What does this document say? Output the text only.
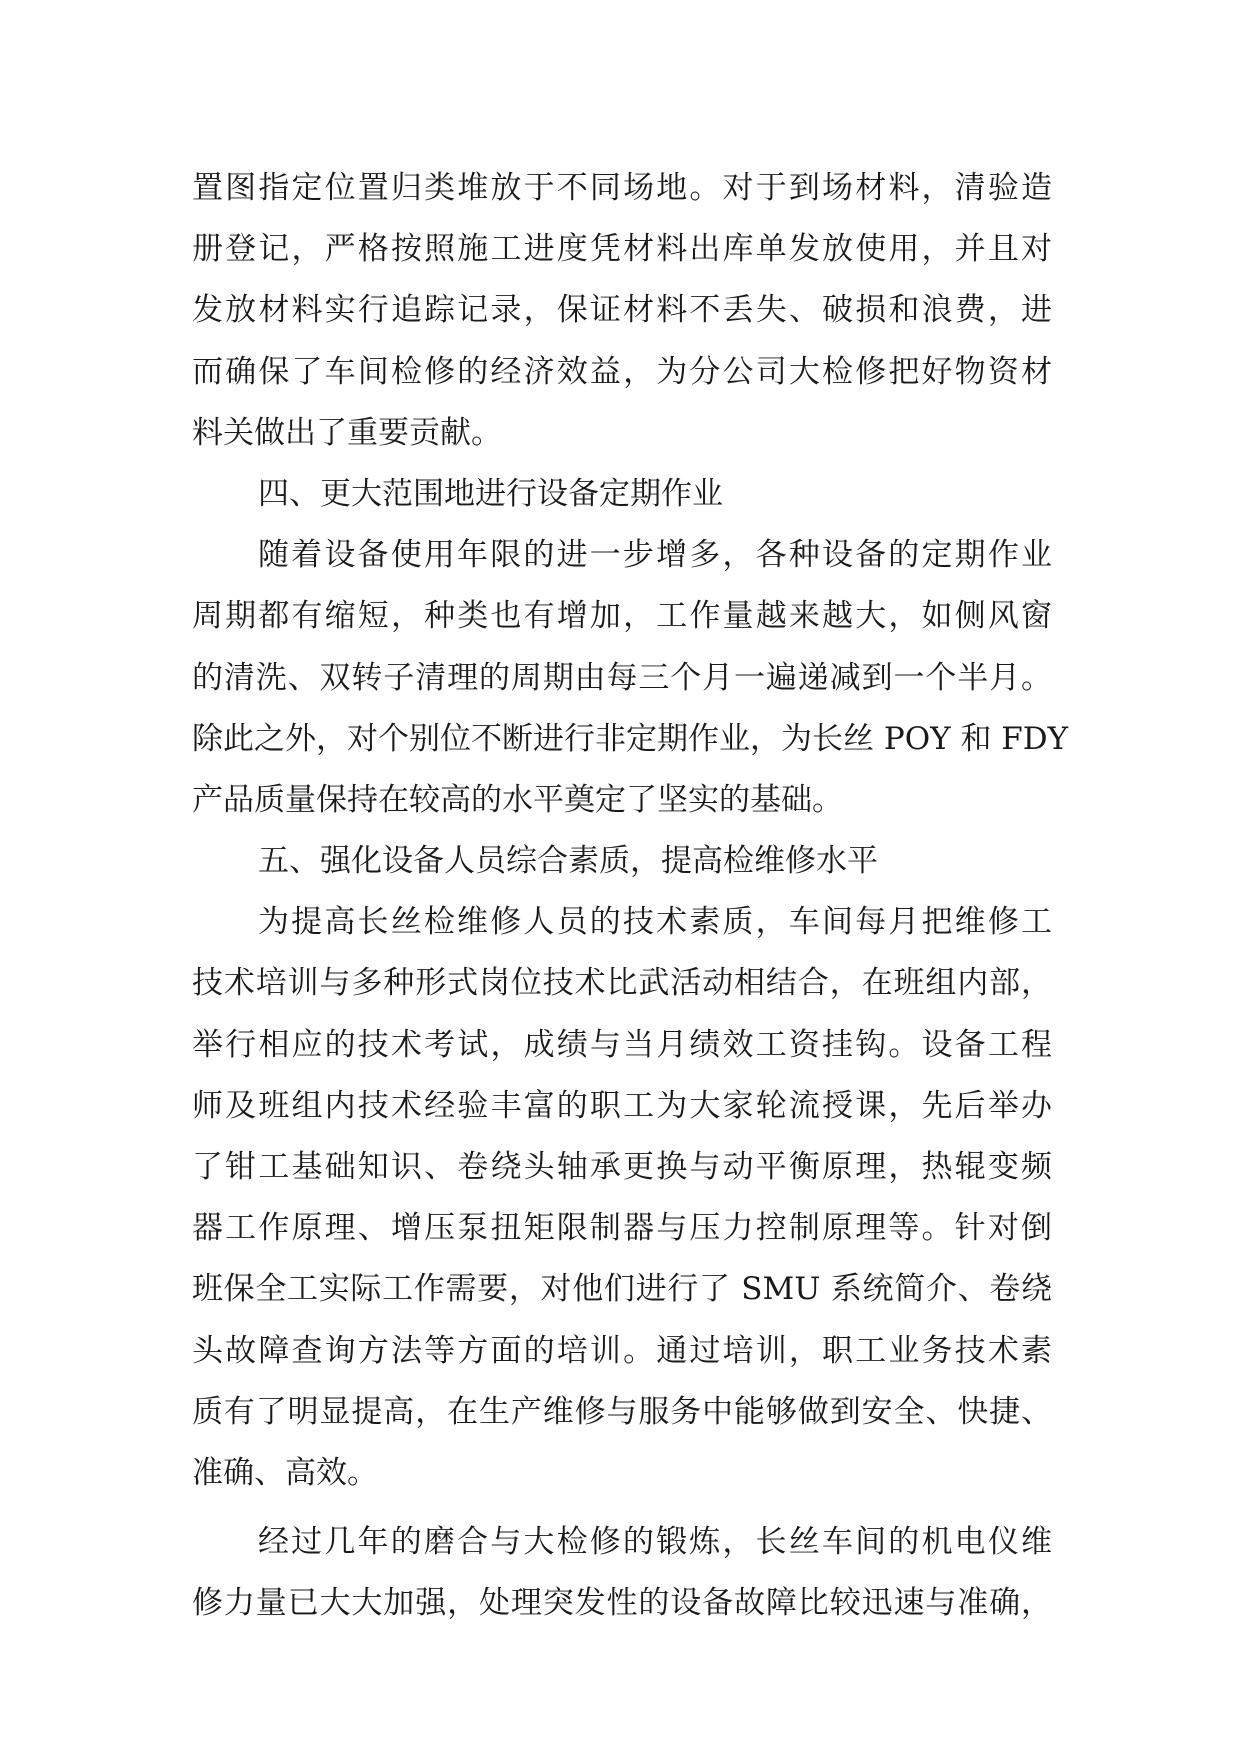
置图指定位置归类堆放于不同场地。对于到场材料，清验造
册登记，严格按照施工进度凭材料出库单发放使用，并且对
发放材料实行追踪记录，保证材料不丢失、破损和浪费，进
而确保了车间检修的经济效益，为分公司大检修把好物资材
料关做出了重要贡献。
四、更大范围地进行设备定期作业
随着设备使用年限的进一步增多，各种设备的定期作业
周期都有缩短，种类也有增加，工作量越来越大，如侧风窗
的清洗、双转子清理的周期由每三个月一遍递减到一个半月。
除此之外，对个别位不断进行非定期作业，为长丝 POY 和 FDY
产品质量保持在较高的水平奠定了坚实的基础。
五、强化设备人员综合素质，提高检维修水平
为提高长丝检维修人员的技术素质，车间每月把维修工
技术培训与多种形式岗位技术比武活动相结合，在班组内部，
举行相应的技术考试，成绩与当月绩效工资挂钩。设备工程
师及班组内技术经验丰富的职工为大家轮流授课，先后举办
了钳工基础知识、卷绕头轴承更换与动平衡原理，热辊变频
器工作原理、增压泵扭矩限制器与压力控制原理等。针对倒
班保全工实际工作需要，对他们进行了 SMU 系统简介、卷绕
头故障查询方法等方面的培训。通过培训，职工业务技术素
质有了明显提高，在生产维修与服务中能够做到安全、快捷、
准确、高效。
经过几年的磨合与大检修的锻炼，长丝车间的机电仪维
修力量已大大加强，处理突发性的设备故障比较迅速与准确，
